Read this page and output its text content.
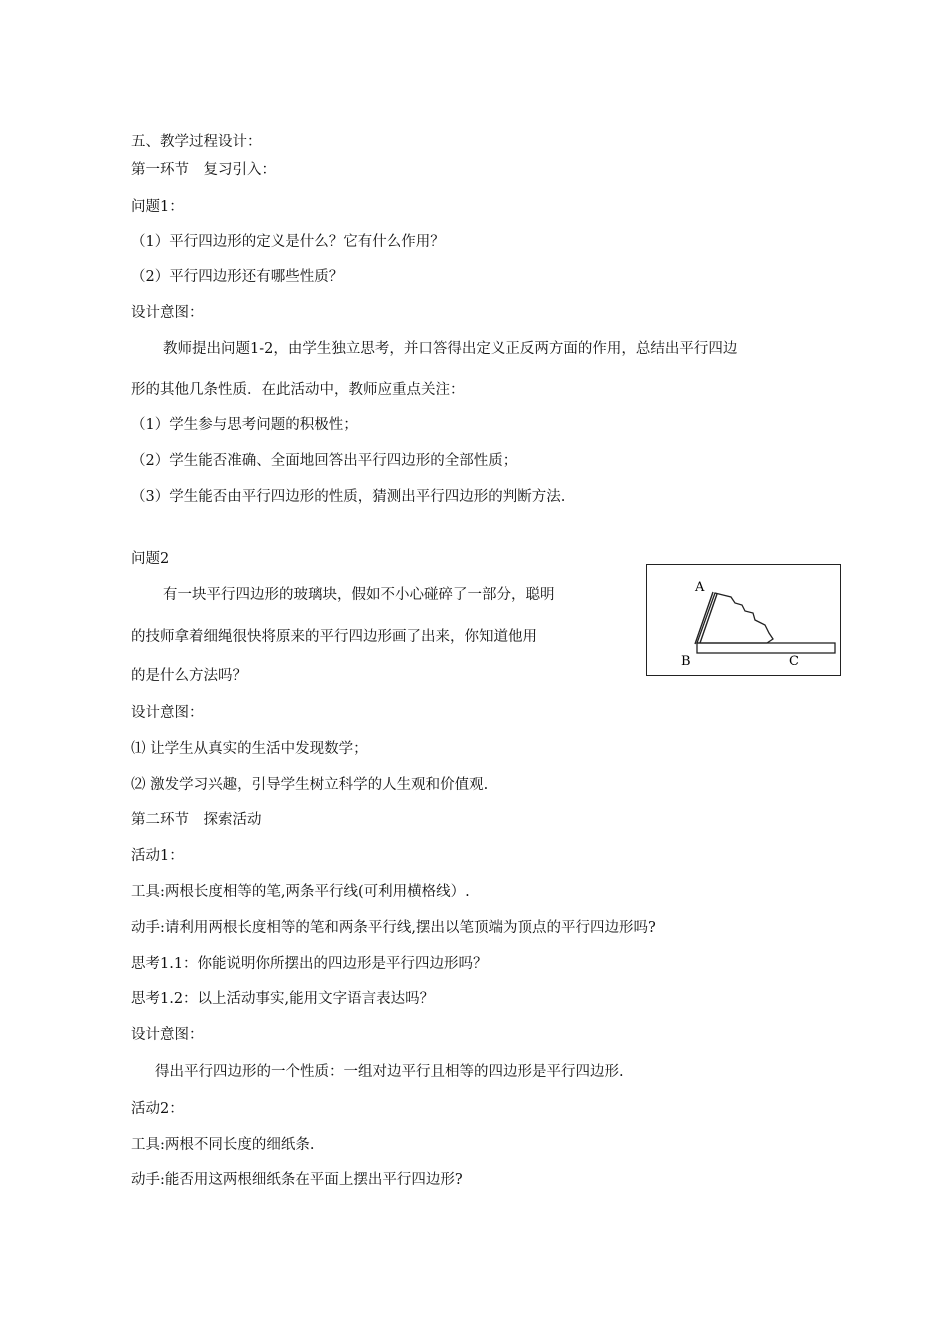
五、教学过程设计：
第一环节　复习引入：
问题1：
（1）平行四边形的定义是什么？它有什么作用？
（2）平行四边形还有哪些性质？
设计意图：
教师提出问题1-2，由学生独立思考，并口答得出定义正反两方面的作用，总结出平行四边
形的其他几条性质．在此活动中，教师应重点关注：
（1）学生参与思考问题的积极性；
（2）学生能否准确、全面地回答出平行四边形的全部性质；
（3）学生能否由平行四边形的性质，猜测出平行四边形的判断方法.
问题2
有一块平行四边形的玻璃块，假如不小心碰碎了一部分，聪明
的技师拿着细绳很快将原来的平行四边形画了出来，你知道他用
的是什么方法吗？
A
B	C
设计意图：
⑴ 让学生从真实的生活中发现数学；
⑵ 激发学习兴趣，引导学生树立科学的人生观和价值观.
第二环节　探索活动
活动1：
工具:两根长度相等的笔,两条平行线(可利用横格线）.
动手:请利用两根长度相等的笔和两条平行线,摆出以笔顶端为顶点的平行四边形吗?
思考1.1：你能说明你所摆出的四边形是平行四边形吗？
思考1.2：以上活动事实,能用文字语言表达吗？
设计意图：
得出平行四边形的一个性质：一组对边平行且相等的四边形是平行四边形.
活动2：
工具:两根不同长度的细纸条.
动手:能否用这两根细纸条在平面上摆出平行四边形?
